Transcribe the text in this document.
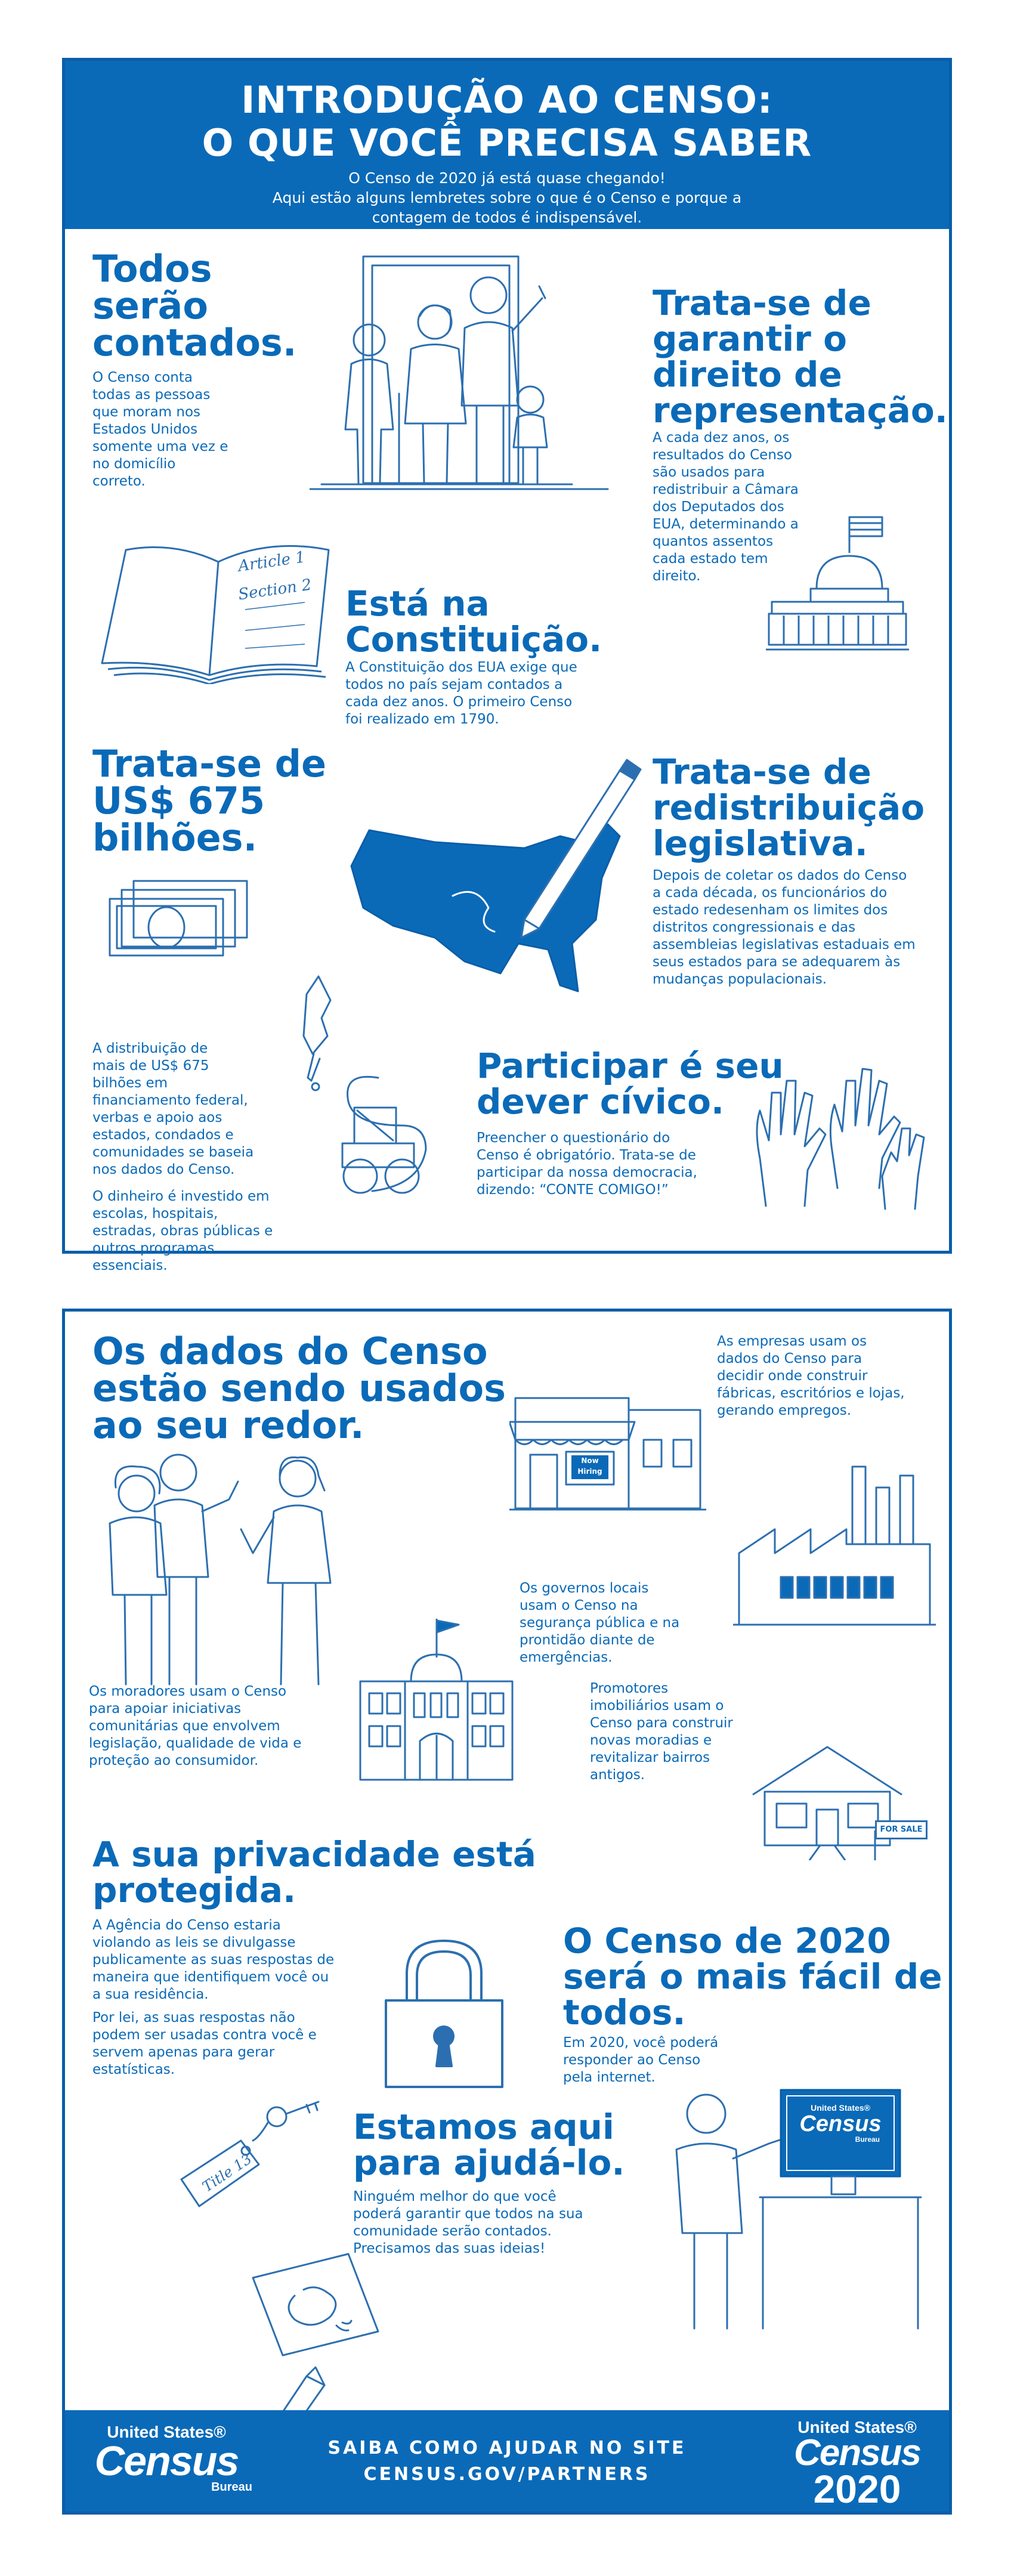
INTRODUÇÃO AO CENSO:
O QUE VOCÊ PRECISA SABER
O Censo de 2020 já está quase chegando!
Aqui estão alguns lembretes sobre o que é o Censo e porque a
contagem de todos é indispensável.
Todos
serão
contados.
O Censo conta
todas as pessoas
que moram nos
Estados Unidos
somente uma vez e
no domicílio
correto.
Trata-se de
garantir o
direito de
representação.
A cada dez anos, os
resultados do Censo
são usados para
redistribuir a Câmara
dos Deputados dos
EUA, determinando a
quantos assentos
cada estado tem
direito.
Article 1
Section 2 Está na
Constituição.
A Constituição dos EUA exige que
todos no país sejam contados a
cada dez anos. O primeiro Censo
foi realizado em 1790.
Trata-se de
US$ 675
bilhões.
A distribuição de
mais de US$ 675
bilhões em
financiamento federal,
verbas e apoio aos
estados, condados e
comunidades se baseia
nos dados do Censo.
O dinheiro é investido em
escolas, hospitais,
estradas, obras públicas e
outros programas
essenciais.
Trata-se de
redistribuição
legislativa.
Depois de coletar os dados do Censo
a cada década, os funcionários do
estado redesenham os limites dos
distritos congressionais e das
assembleias legislativas estaduais em
seus estados para se adequarem às
mudanças populacionais.
Participar é seu
dever cívico.
Preencher o questionário do
Censo é obrigatório. Trata-se de
participar da nossa democracia,
dizendo: “CONTE COMIGO!”
Os dados do Censo
estão sendo usados
ao seu redor.
As empresas usam os
dados do Censo para
decidir onde construir
fábricas, escritórios e lojas,
gerando empregos.
Now Hiring
Os governos locais
usam o Censo na
segurança pública e na
prontidão diante de
emergências.
Os moradores usam o Censo
para apoiar iniciativas
comunitárias que envolvem
legislação, qualidade de vida e
proteção ao consumidor.
Promotores
imobiliários usam o
Censo para construir
novas moradias e
revitalizar bairros
antigos.
FOR SALE
A sua privacidade está
protegida.
A Agência do Censo estaria
violando as leis se divulgasse
publicamente as suas respostas de
maneira que identifiquem você ou
a sua residência.
Por lei, as suas respostas não
podem ser usadas contra você e
servem apenas para gerar
estatísticas.
O Censo de 2020
será o mais fácil de
todos.
Em 2020, você poderá
responder ao Censo
pela internet.
Title 13
Estamos aqui
para ajudá-lo.
Ninguém melhor do que você
poderá garantir que todos na sua
comunidade serão contados.
Precisamos das suas ideias!
United States®
Census
Bureau
United States®
Census
Bureau
SAIBA COMO AJUDAR NO SITE
CENSUS.GOV/PARTNERS
United States®
Census
2020
